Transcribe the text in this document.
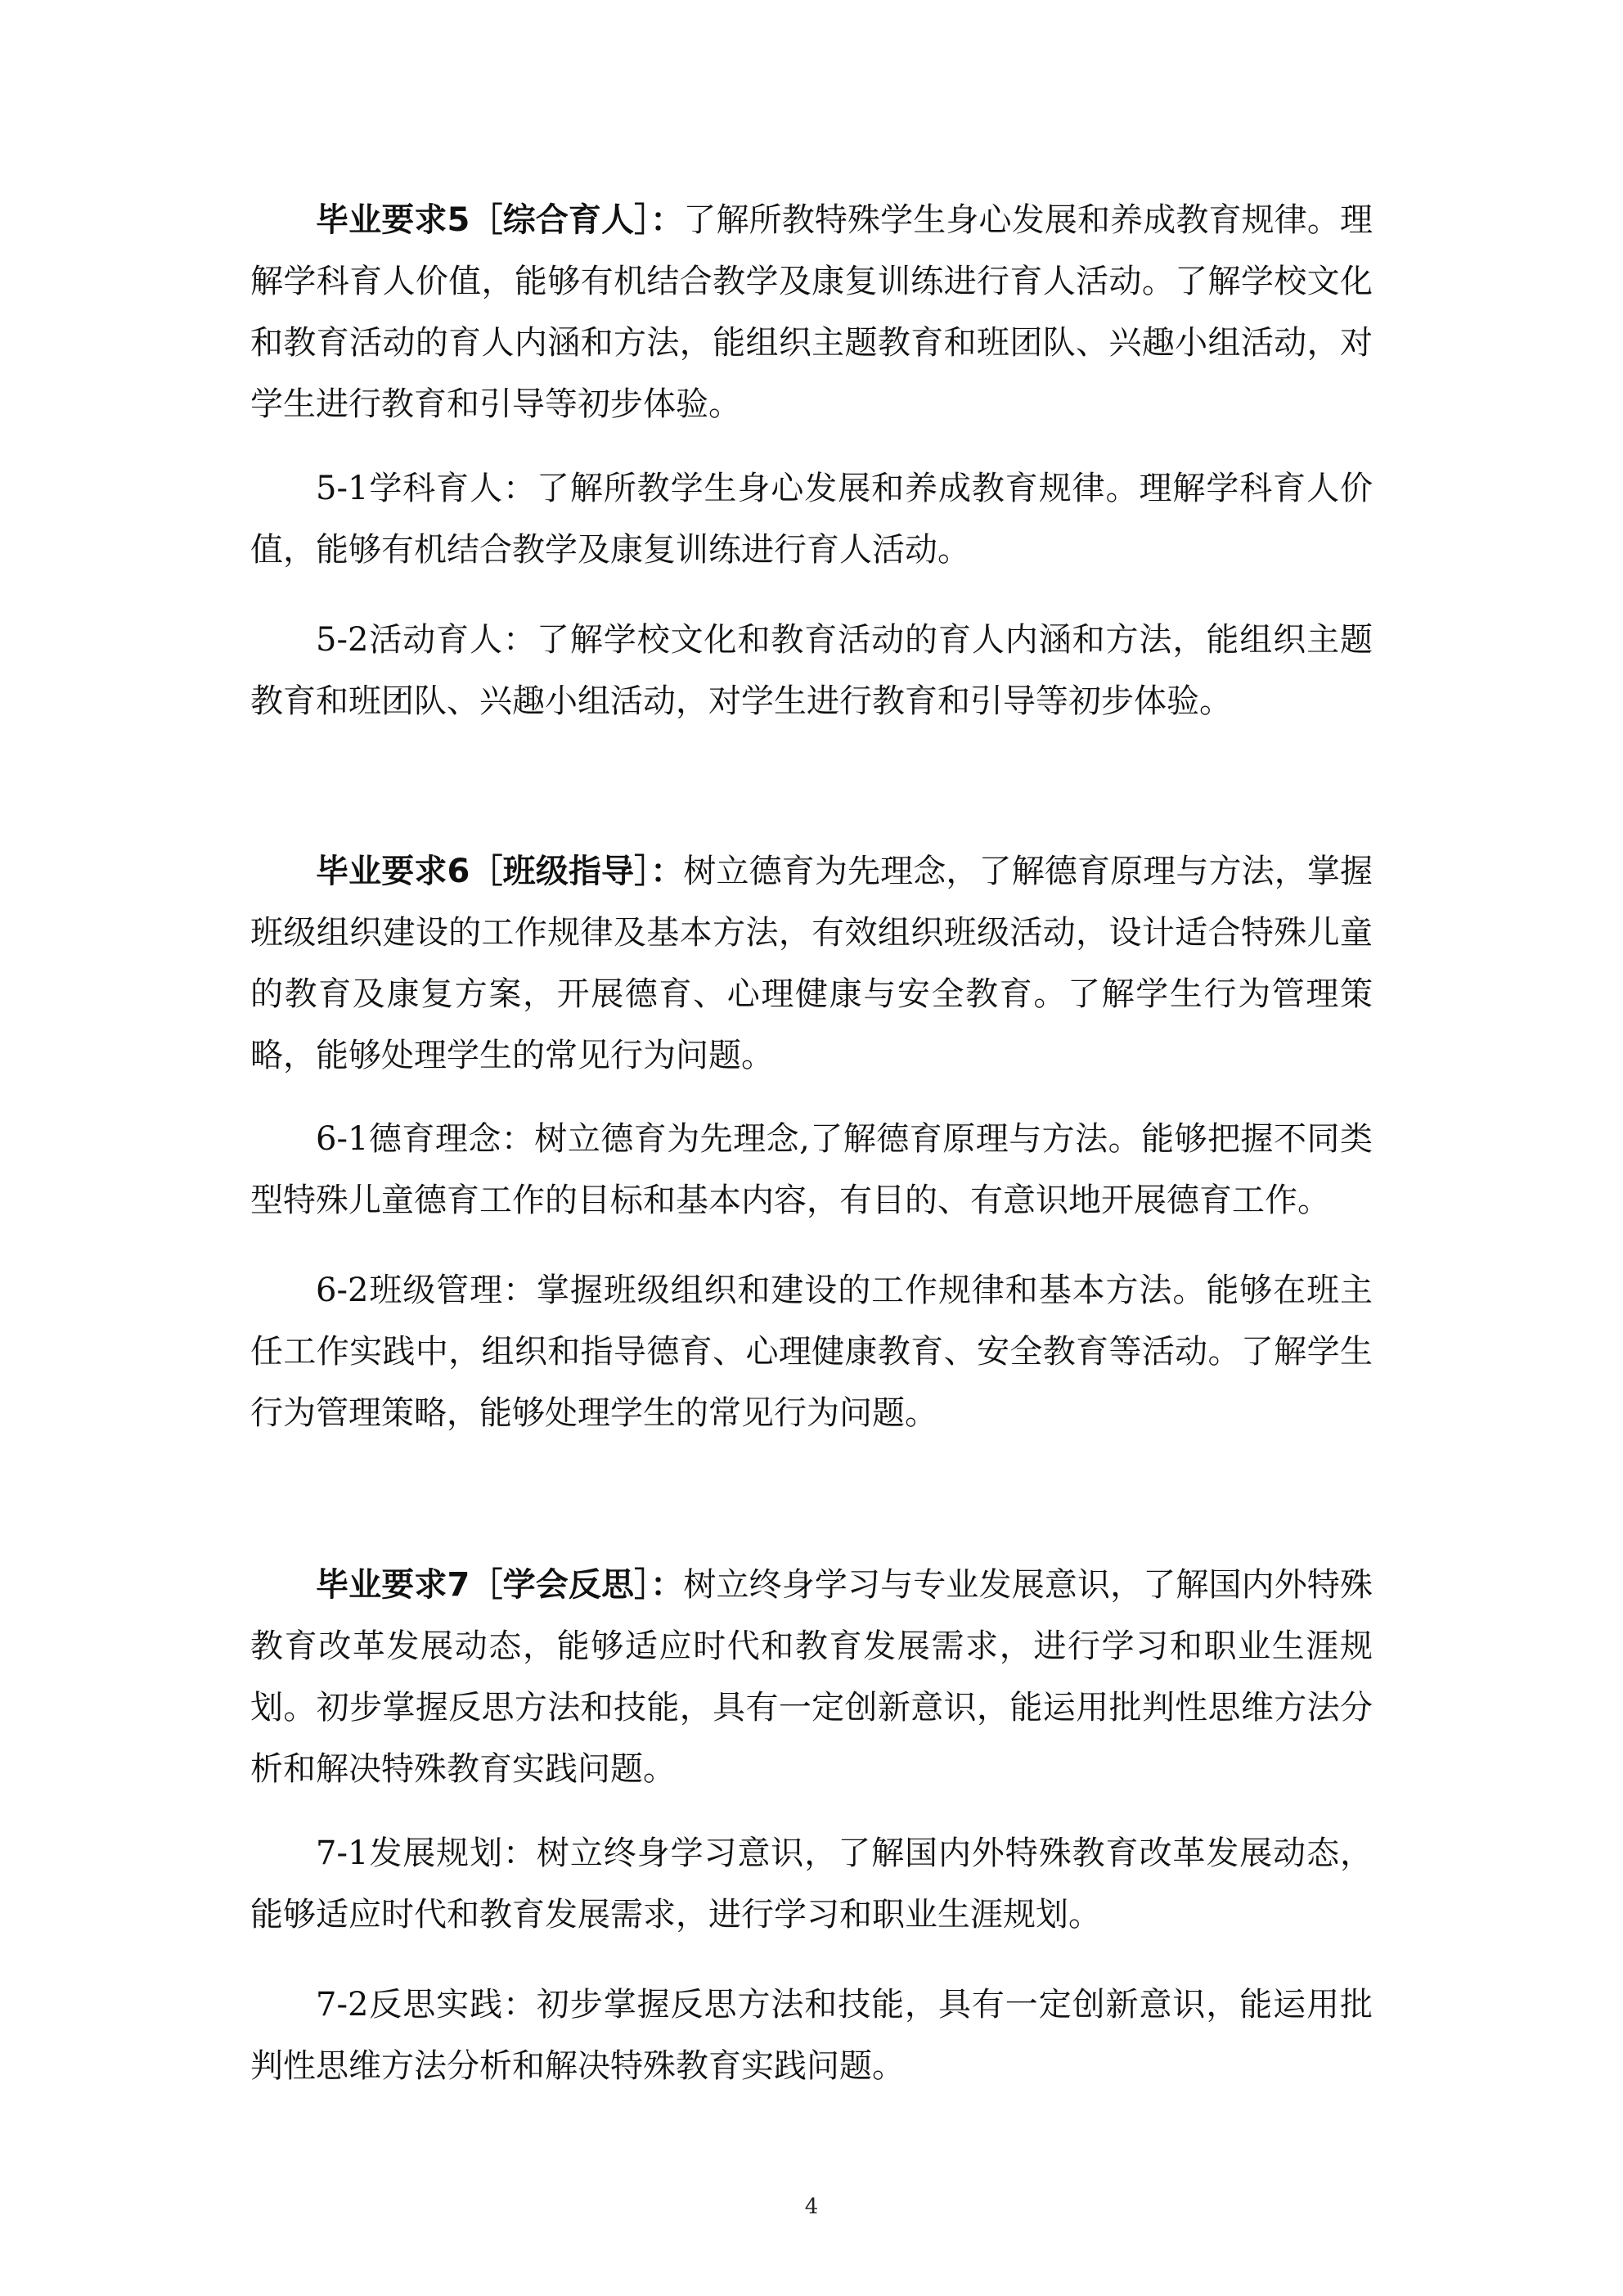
毕业要求5［综合育人］：了解所教特殊学生身心发展和养成教育规律。理解学科育人价值，能够有机结合教学及康复训练进行育人活动。了解学校文化和教育活动的育人内涵和方法，能组织主题教育和班团队、兴趣小组活动，对学生进行教育和引导等初步体验。

5-1学科育人：了解所教学生身心发展和养成教育规律。理解学科育人价值，能够有机结合教学及康复训练进行育人活动。

5-2活动育人：了解学校文化和教育活动的育人内涵和方法，能组织主题教育和班团队、兴趣小组活动，对学生进行教育和引导等初步体验。

毕业要求6［班级指导］：树立德育为先理念，了解德育原理与方法，掌握班级组织建设的工作规律及基本方法，有效组织班级活动，设计适合特殊儿童的教育及康复方案，开展德育、心理健康与安全教育。了解学生行为管理策略，能够处理学生的常见行为问题。

6-1德育理念：树立德育为先理念,了解德育原理与方法。能够把握不同类型特殊儿童德育工作的目标和基本内容，有目的、有意识地开展德育工作。

6-2班级管理：掌握班级组织和建设的工作规律和基本方法。能够在班主任工作实践中，组织和指导德育、心理健康教育、安全教育等活动。了解学生行为管理策略，能够处理学生的常见行为问题。

毕业要求7［学会反思］：树立终身学习与专业发展意识，了解国内外特殊教育改革发展动态，能够适应时代和教育发展需求，进行学习和职业生涯规划。初步掌握反思方法和技能，具有一定创新意识，能运用批判性思维方法分析和解决特殊教育实践问题。

7-1发展规划：树立终身学习意识，了解国内外特殊教育改革发展动态，能够适应时代和教育发展需求，进行学习和职业生涯规划。

7-2反思实践：初步掌握反思方法和技能，具有一定创新意识，能运用批判性思维方法分析和解决特殊教育实践问题。

4
